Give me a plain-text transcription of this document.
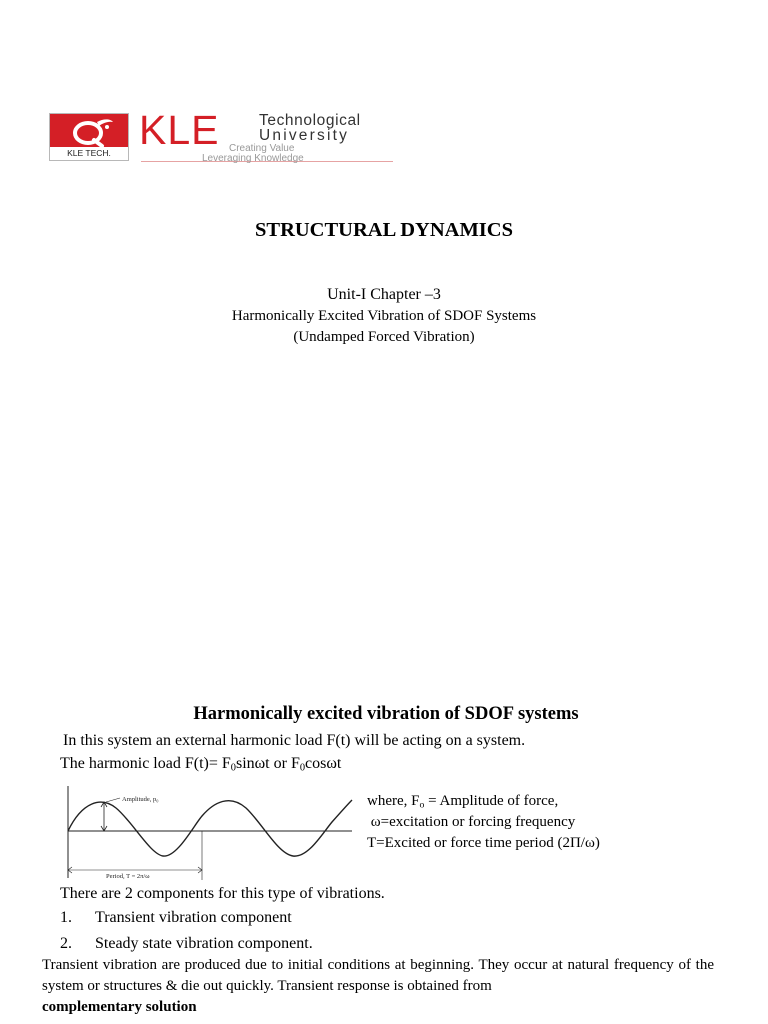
KLE TECH. KLE	Technological
University
Creating Value
Leveraging Knowledge
STRUCTURAL DYNAMICS
Unit-I Chapter –3
Harmonically Excited Vibration of SDOF Systems
(Undamped Forced Vibration)
Harmonically excited vibration of SDOF systems
In this system an external harmonic load F(t) will be acting on a system.
The harmonic load $F(t)= F_0\sin\omega t$ or $F_0\cos\omega t$
Amplitude, p₀
Period, T = 2π/ω
where, $F_o$ = Amplitude of force,
ω=excitation or forcing frequency
T=Excited or force time period (2Π/ω)
There are 2 components for this type of vibrations.
1. Transient vibration component
2. Steady state vibration component.
Transient vibration are produced due to initial conditions at beginning. They occur at natural frequency of the system or structures & die out quickly. Transient response is obtained from
complementary solution
